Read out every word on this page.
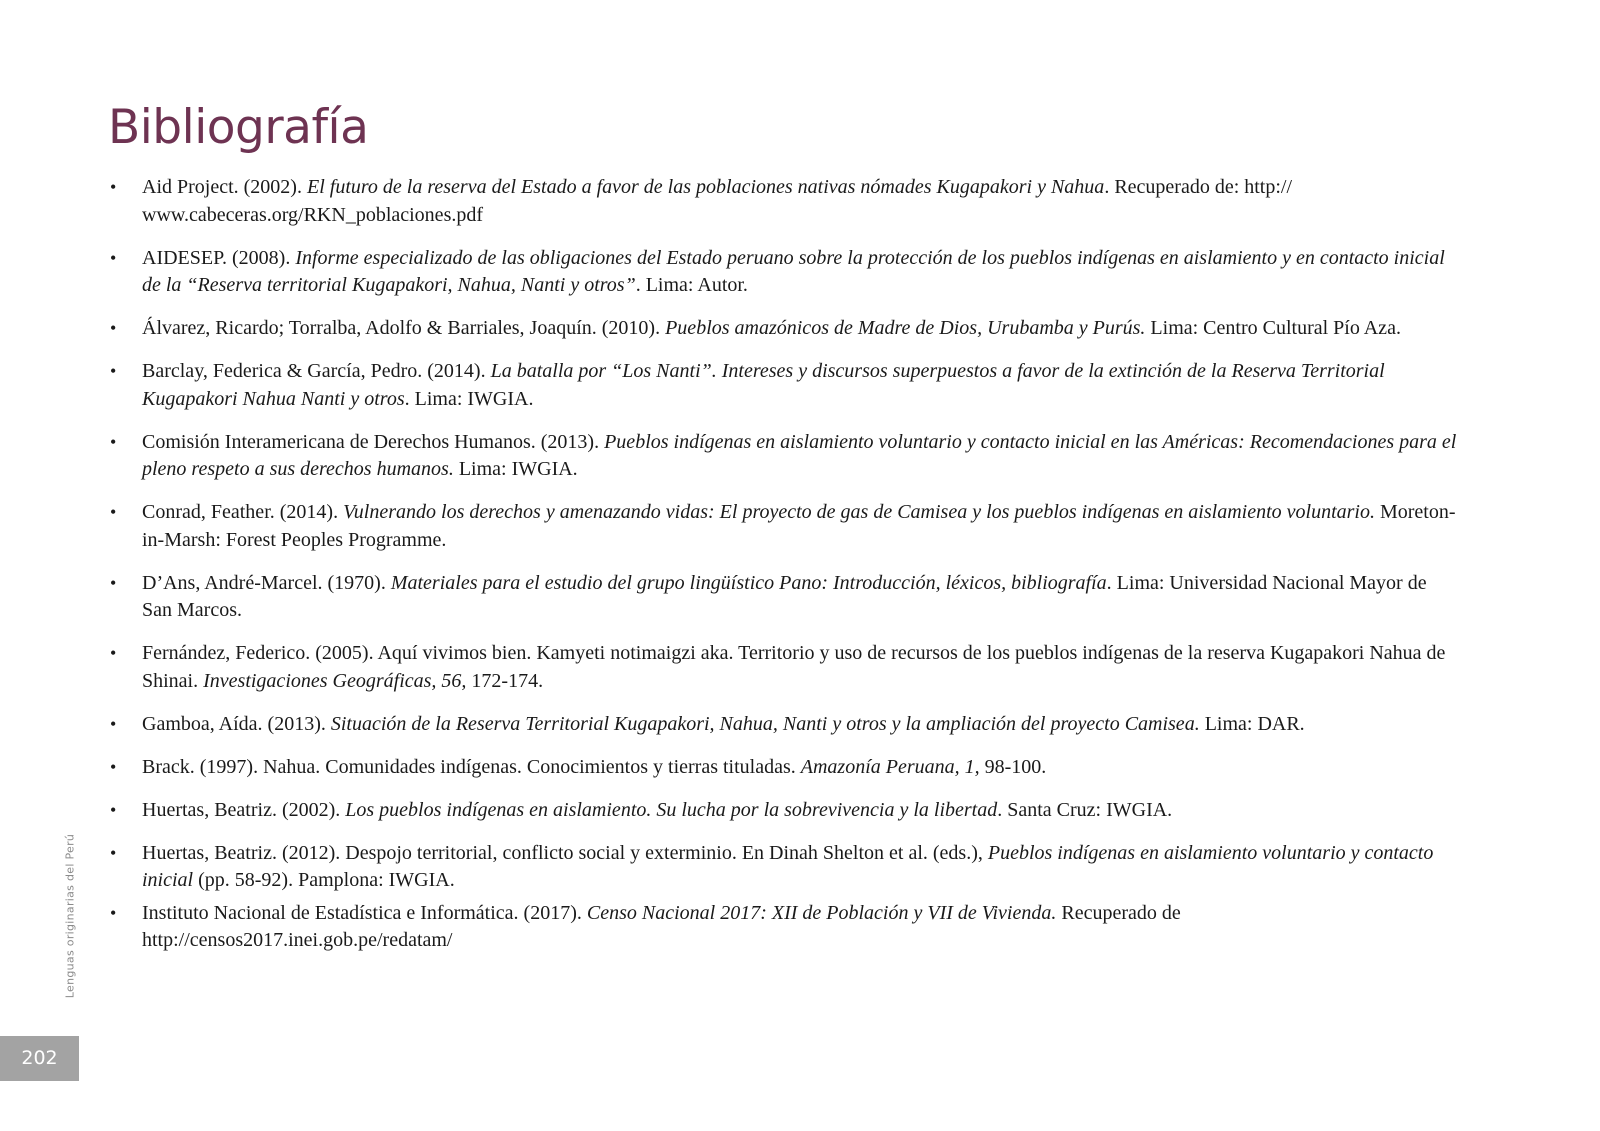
Bibliografía
• Aid Project. (2002). El futuro de la reserva del Estado a favor de las poblaciones nativas nómades Kugapakori y Nahua. Recuperado de: http:// www.cabeceras.org/RKN_poblaciones.pdf
• AIDESEP. (2008). Informe especializado de las obligaciones del Estado peruano sobre la protección de los pueblos indígenas en aislamiento y en contacto inicial de la “Reserva territorial Kugapakori, Nahua, Nanti y otros”. Lima: Autor.
• Álvarez, Ricardo; Torralba, Adolfo & Barriales, Joaquín. (2010). Pueblos amazónicos de Madre de Dios, Urubamba y Purús. Lima: Centro Cultural Pío Aza.
• Barclay, Federica & García, Pedro. (2014). La batalla por “Los Nanti”. Intereses y discursos superpuestos a favor de la extinción de la Reserva Territorial Kugapakori Nahua Nanti y otros. Lima: IWGIA.
• Comisión Interamericana de Derechos Humanos. (2013). Pueblos indígenas en aislamiento voluntario y contacto inicial en las Américas: Recomendaciones para el pleno respeto a sus derechos humanos. Lima: IWGIA.
• Conrad, Feather. (2014). Vulnerando los derechos y amenazando vidas: El proyecto de gas de Camisea y los pueblos indígenas en aislamiento voluntario. Moreton-in-Marsh: Forest Peoples Programme.
• D’Ans, André-Marcel. (1970). Materiales para el estudio del grupo lingüístico Pano: Introducción, léxicos, bibliografía. Lima: Universidad Nacional Mayor de San Marcos.
• Fernández, Federico. (2005). Aquí vivimos bien. Kamyeti notimaigzi aka. Territorio y uso de recursos de los pueblos indígenas de la reserva Kugapakori Nahua de Shinai. Investigaciones Geográficas, 56, 172-174.
• Gamboa, Aída. (2013). Situación de la Reserva Territorial Kugapakori, Nahua, Nanti y otros y la ampliación del proyecto Camisea. Lima: DAR.
• Brack. (1997). Nahua. Comunidades indígenas. Conocimientos y tierras tituladas. Amazonía Peruana, 1, 98-100.
• Huertas, Beatriz. (2002). Los pueblos indígenas en aislamiento. Su lucha por la sobrevivencia y la libertad. Santa Cruz: IWGIA.
• Huertas, Beatriz. (2012). Despojo territorial, conflicto social y exterminio. En Dinah Shelton et al. (eds.), Pueblos indígenas en aislamiento voluntario y contacto inicial (pp. 58-92). Pamplona: IWGIA.
• Instituto Nacional de Estadística e Informática. (2017). Censo Nacional 2017: XII de Población y VII de Vivienda. Recuperado de http://censos2017.inei.gob.pe/redatam/
Lenguas originarias del Perú
202
